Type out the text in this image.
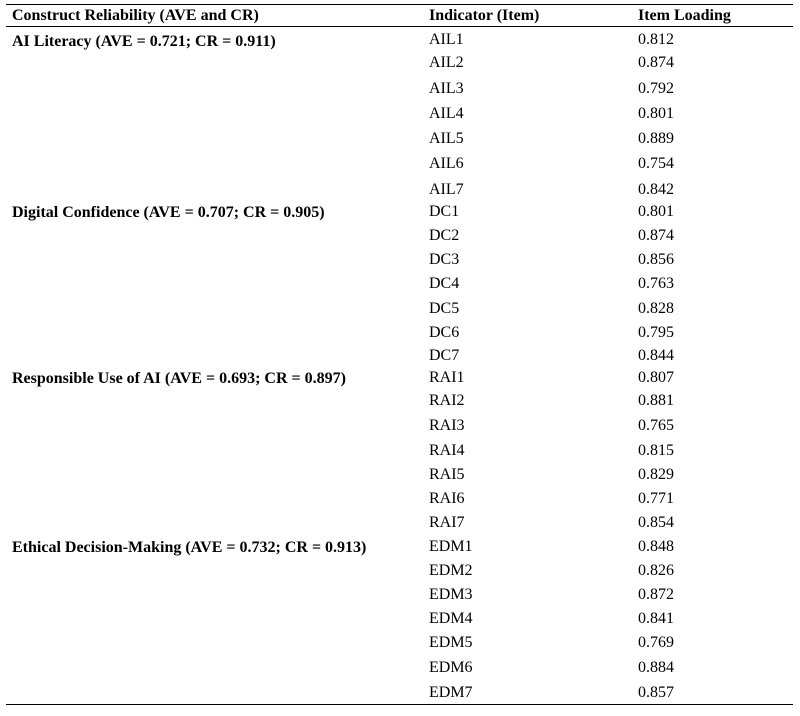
Construct Reliability (AVE and CR)	Indicator (Item)	Item Loading
AI Literacy (AVE = 0.721; CR = 0.911)	AIL1	0.812
AIL2	0.874
AIL3	0.792
AIL4	0.801
AIL5	0.889
AIL6	0.754
AIL7	0.842
Digital Confidence (AVE = 0.707; CR = 0.905)	DC1	0.801
DC2	0.874
DC3	0.856
DC4	0.763
DC5	0.828
DC6	0.795
DC7	0.844
Responsible Use of AI (AVE = 0.693; CR = 0.897)	RAI1	0.807
RAI2	0.881
RAI3	0.765
RAI4	0.815
RAI5	0.829
RAI6	0.771
RAI7	0.854
Ethical Decision-Making (AVE = 0.732; CR = 0.913)	EDM1	0.848
EDM2	0.826
EDM3	0.872
EDM4	0.841
EDM5	0.769
EDM6	0.884
EDM7	0.857
